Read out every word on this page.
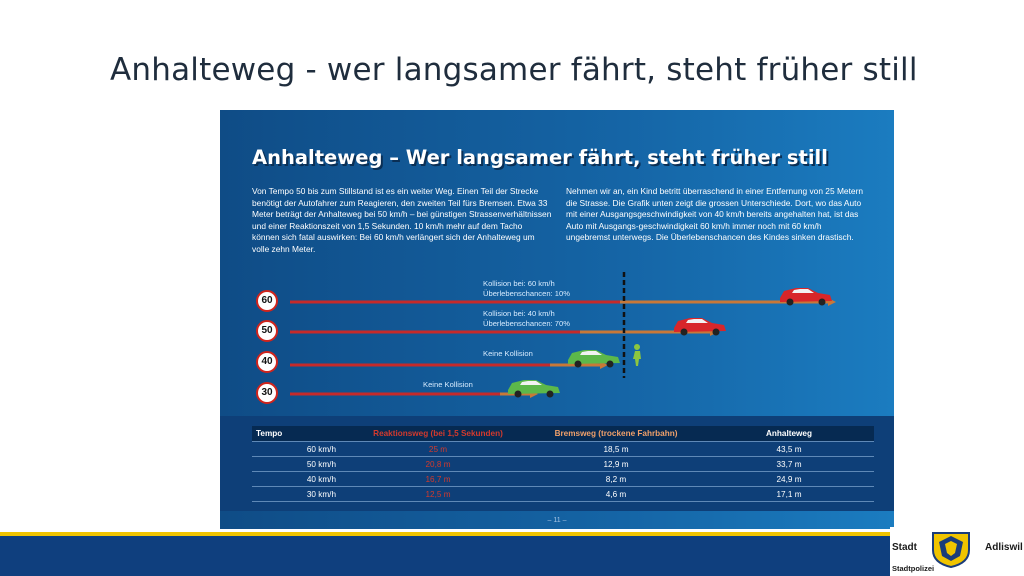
Anhalteweg - wer langsamer fährt, steht früher still
Anhalteweg – Wer langsamer fährt, steht früher still
Von Tempo 50 bis zum Stillstand ist es ein weiter Weg. Einen Teil der Strecke benötigt der Autofahrer zum Reagieren, den zweiten Teil fürs Bremsen. Etwa 33 Meter beträgt der Anhalteweg bei 50 km/h – bei günstigen Strassenverhältnissen und einer Reaktionszeit von 1,5 Sekunden. 10 km/h mehr auf dem Tacho können sich fatal auswirken: Bei 60 km/h verlängert sich der Anhalteweg um volle zehn Meter.
Nehmen wir an, ein Kind betritt überraschend in einer Entfernung von 25 Metern die Strasse. Die Grafik unten zeigt die grossen Unterschiede. Dort, wo das Auto mit einer Ausgangsgeschwindigkeit von 40 km/h bereits angehalten hat, ist das Auto mit Ausgangs-geschwindigkeit 60 km/h immer noch mit 60 km/h ungebremst unterwegs. Die Überlebenschancen des Kindes sinken drastisch.
60
50
40
30
Kollision bei: 60 km/h
Überlebenschancen: 10%
Kollision bei: 40 km/h
Überlebenschancen: 70%
Keine Kollision
Keine Kollision
Tempo	Reaktionsweg (bei 1,5 Sekunden)	Bremsweg (trockene Fahrbahn)	Anhalteweg
60 km/h	25 m	18,5 m	43,5 m
50 km/h	20,8 m	12,9 m	33,7 m
40 km/h	16,7 m	8,2 m	24,9 m
30 km/h	12,5 m	4,6 m	17,1 m
– 11 –
Stadt	Adliswil
Stadtpolizei
